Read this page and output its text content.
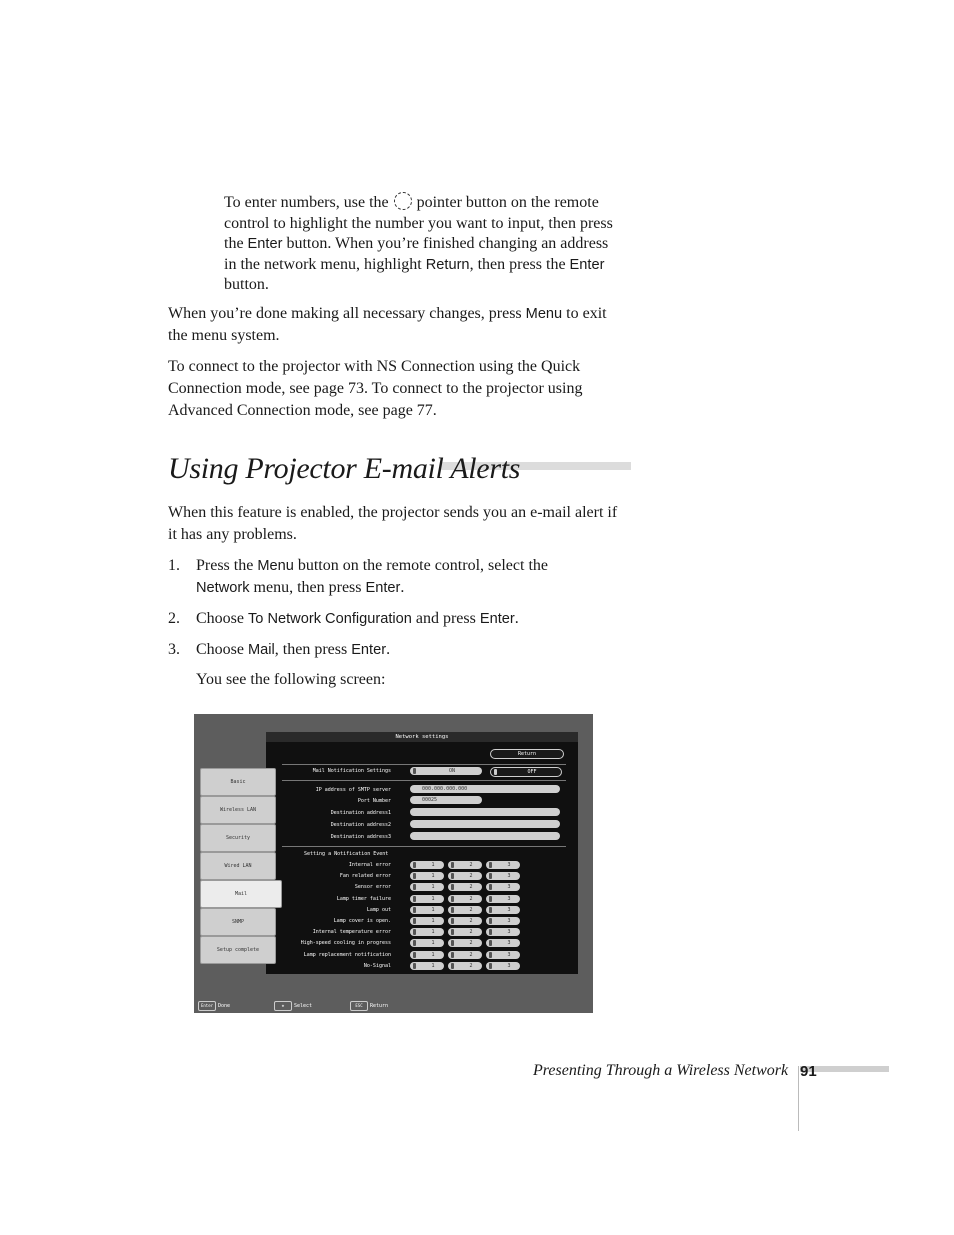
To enter numbers, use the pointer button on the remote
control to highlight the number you want to input, then press
the Enter button. When you’re finished changing an address
in the network menu, highlight Return, then press the Enter
button.
When you’re done making all necessary changes, press Menu to exit
the menu system.
To connect to the projector with NS Connection using the Quick
Connection mode, see page 73. To connect to the projector using
Advanced Connection mode, see page 77.
Using Projector E-mail Alerts
When this feature is enabled, the projector sends you an e-mail alert if
it has any problems.
1.	Press the Menu button on the remote control, select the
Network menu, then press Enter.
2.	Choose To Network Configuration and press Enter.
3.	Choose Mail, then press Enter.
You see the following screen:
Network settings
Return
Basic
Wireless LAN
Security
Wired LAN
Mail
SNMP
Setup complete
Mail Notification Settings	ON	OFF
IP address of SMTP server	000.000.000.000
Port Number	00025
Destination address1
Destination address2
Destination address3
Setting a Notification Event
Enter Done	✥	Select	ESC	Return
Internal error	1	2	3
Fan related error	1	2	3
Sensor error	1	2	3
Lamp timer failure	1	2	3
Lamp out	1	2	3
Lamp cover is open.	1	2	3
Internal temperature error	1	2	3
High-speed cooling in progress	1	2	3
Lamp replacement notification	1	2	3
No-Signal	1	2	3
Presenting Through a Wireless Network 91
